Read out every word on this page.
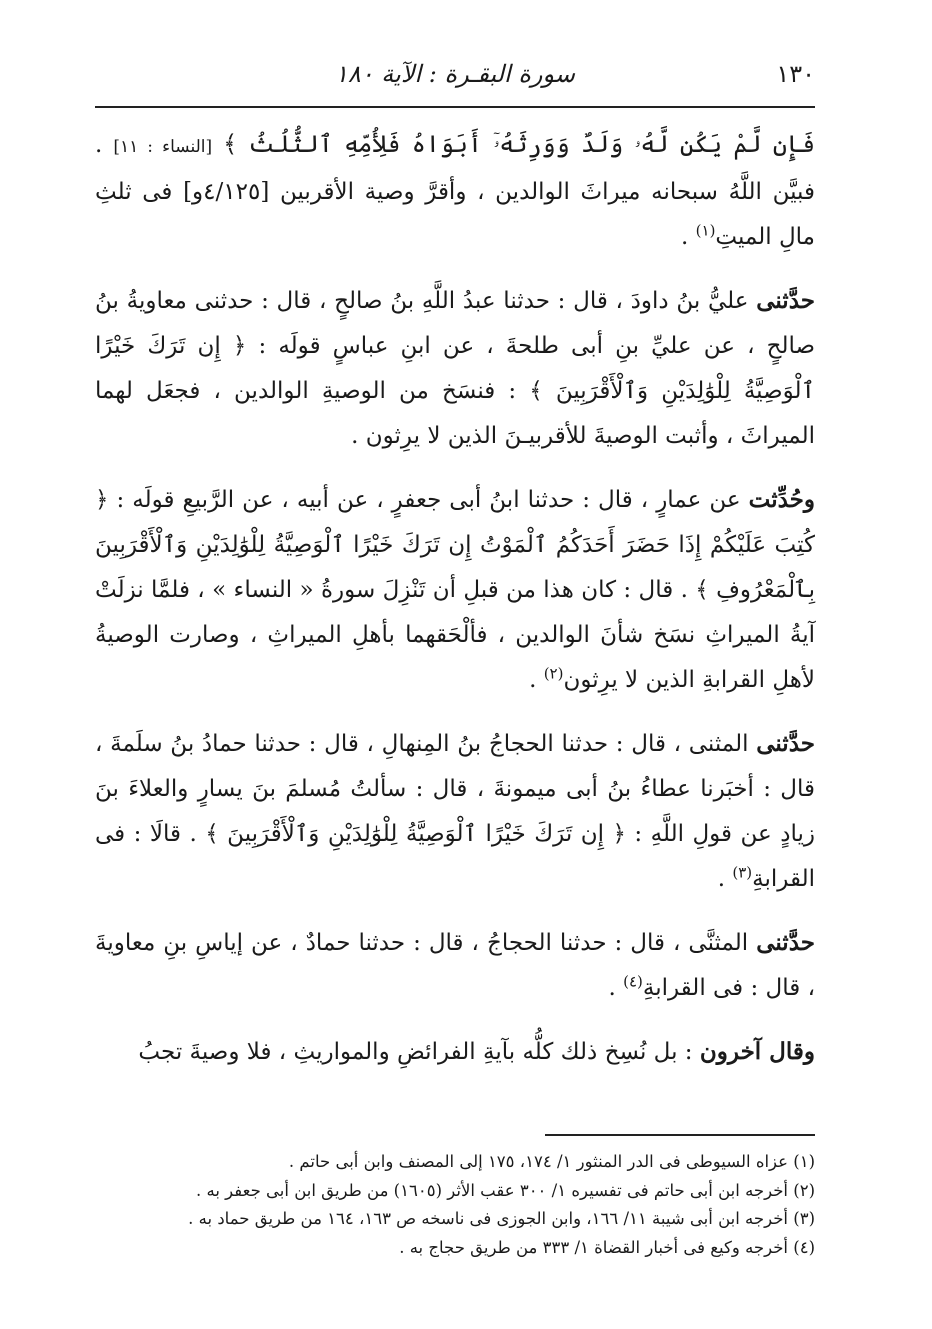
١٣٠
سورة البقـرة : الآية ١٨٠

فَإِن لَّمْ يَكُن لَّهُۥ وَلَدٌ وَوَرِثَهُۥٓ أَبَوَاهُ فَلِأُمِّهِ ٱلثُّلُثُ ﴾ [النساء : ١١] . فبيَّن اللَّهُ سبحانه ميراثَ الوالدين ، وأقرَّ وصية الأقربين [٤/١٢٥و] فى ثلثِ مالِ الميتِ$^{(١)}$ .

حدَّثنى عليُّ بنُ داودَ ، قال : حدثنا عبدُ اللَّهِ بنُ صالحٍ ، قال : حدثنى معاويةُ بنُ صالحٍ ، عن عليِّ بنِ أبى طلحةَ ، عن ابنِ عباسٍ قولَه : ﴿ إِن تَرَكَ خَيْرًا ٱلْوَصِيَّةُ لِلْوَٰلِدَيْنِ وَٱلْأَقْرَبِينَ ﴾ : فنسَخ من الوصيةِ الوالدين ، فجعَل لهما الميراثَ ، وأثبت الوصيةَ للأقربيـنَ الذين لا يرِثون .

وحُدِّثت عن عمارٍ ، قال : حدثنا ابنُ أبى جعفرٍ ، عن أبيه ، عن الرَّبيعِ قولَه : ﴿ كُتِبَ عَلَيْكُمْ إِذَا حَضَرَ أَحَدَكُمُ ٱلْمَوْتُ إِن تَرَكَ خَيْرًا ٱلْوَصِيَّةُ لِلْوَٰلِدَيْنِ وَٱلْأَقْرَبِينَ بِٱلْمَعْرُوفِ ﴾ . قال : كان هذا من قبلِ أن تَنْزِلَ سورةُ « النساء » ، فلمَّا نزلَتْ آيةُ الميراثِ نسَخ شأنَ الوالدين ، فألْحَقهما بأهلِ الميراثِ ، وصارت الوصيةُ لأهلِ القرابةِ الذين لا يرِثون$^{(٢)}$ .

حدَّثنى المثنى ، قال : حدثنا الحجاجُ بنُ المِنهالِ ، قال : حدثنا حمادُ بنُ سلَمةَ ، قال : أخبَرنا عطاءُ بنُ أبى ميمونةَ ، قال : سألتُ مُسلمَ بنَ يسارٍ والعلاءَ بنَ زيادٍ عن قولِ اللَّهِ : ﴿ إِن تَرَكَ خَيْرًا ٱلْوَصِيَّةُ لِلْوَٰلِدَيْنِ وَٱلْأَقْرَبِينَ ﴾ . قالَا : فى القرابةِ$^{(٣)}$ .

حدَّثنى المثنَّى ، قال : حدثنا الحجاجُ ، قال : حدثنا حمادٌ ، عن إياسِ بنِ معاويةَ ، قال : فى القرابةِ$^{(٤)}$ .

وقال آخرون : بل نُسِخ ذلك كلُّه بآيةِ الفرائضِ والمواريثِ ، فلا وصيةَ تجبُ

(١) عزاه السيوطى فى الدر المنثور ١/ ١٧٤، ١٧٥ إلى المصنف وابن أبى حاتم .

(٢) أخرجه ابن أبى حاتم فى تفسيره ١/ ٣٠٠ عقب الأثر (١٦٠٥) من طريق ابن أبى جعفر به .

(٣) أخرجه ابن أبى شيبة ١١/ ١٦٦، وابن الجوزى فى ناسخه ص ١٦٣، ١٦٤ من طريق حماد به .

(٤) أخرجه وكيع فى أخبار القضاة ١/ ٣٣٣ من طريق حجاج به .
